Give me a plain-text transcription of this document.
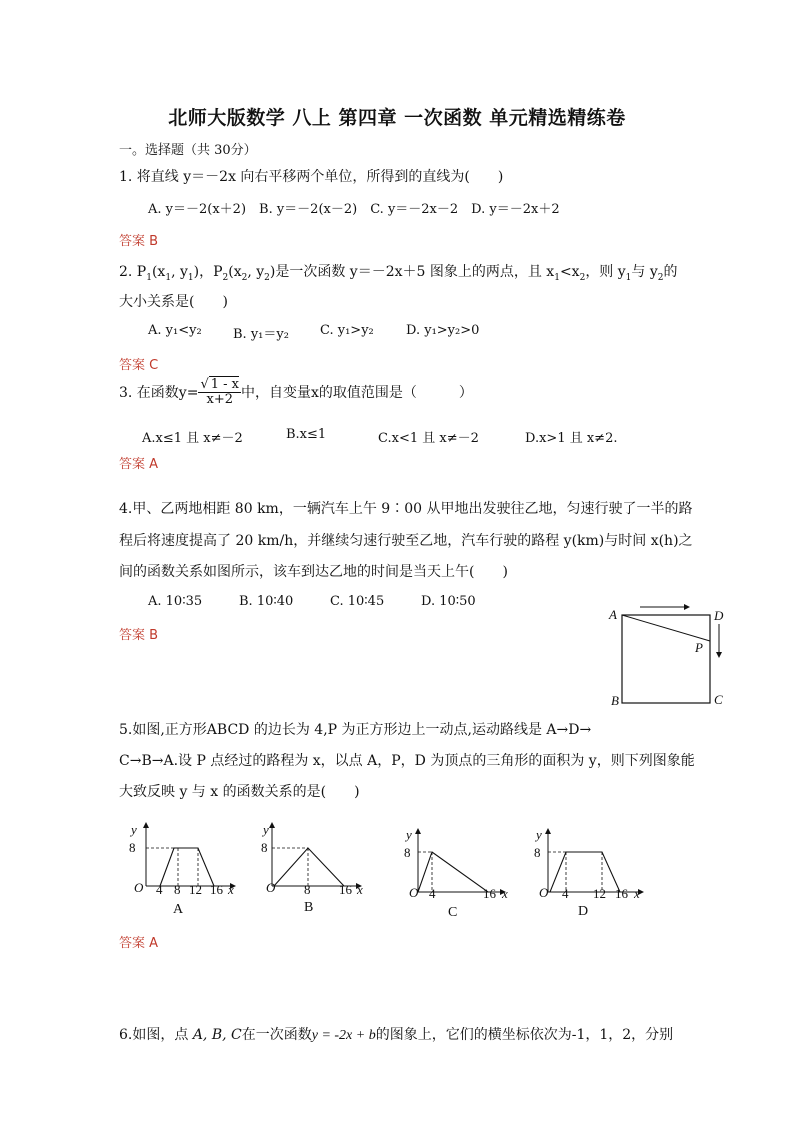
北师大版数学 八上 第四章 一次函数 单元精选精练卷
一。选择题（共 30分）
1. 将直线 y＝－2x 向右平移两个单位，所得到的直线为(　　)
A. y＝－2(x＋2)　B. y＝－2(x－2)　C. y＝－2x－2　D. y＝－2x＋2
答案 B
2. $P_1(x_1$, $y_1$)，$P_2(x_2$, $y_2$)是一次函数 y＝－2x＋5 图象上的两点，且 $x_1<x_2$，则 $y_1$与 $y_2$的
大小关系是(　　)
A. y₁<y₂ B. y₁＝y₂ C. y₁>y₂ D. y₁>y₂>0
答案 C
3. 在函数$y= \frac{√ 1 - x}{x+2}$ 中，自变量x的取值范围是（　　　）
A.x≤1 且 x≠－2	B.x≤1	C.x<1 且 x≠－2	D.x>1 且 x≠2.
答案 A
4.甲、乙两地相距 80 km，一辆汽车上午 9∶00 从甲地出发驶往乙地，匀速行驶了一半的路
程后将速度提高了 20 km/h，并继续匀速行驶至乙地，汽车行驶的路程 y(km)与时间 x(h)之
间的函数关系如图所示，该车到达乙地的时间是当天上午(　　)
A. 10∶35	B. 10∶40	C. 10∶45	D. 10∶50
答案 B
A	D
P
B	C
5.如图,正方形ABCD 的边长为 4,P 为正方形边上一动点,运动路线是 A→D→
C→B→A.设 P 点经过的路程为 x，以点 A，P，D 为顶点的三角形的面积为 y，则下列图象能
大致反映 y 与 x 的函数关系的是(　　)
y
8
O 4 8 12 16 x
A
y
8
O 8 16 x
B
y
8
O 4	16 x
C
y
8
O 4 12 16 x
D
答案 A
6.如图，点 A, B, C在一次函数y = -2x + b的图象上，它们的横坐标依次为-1，1，2，分别
